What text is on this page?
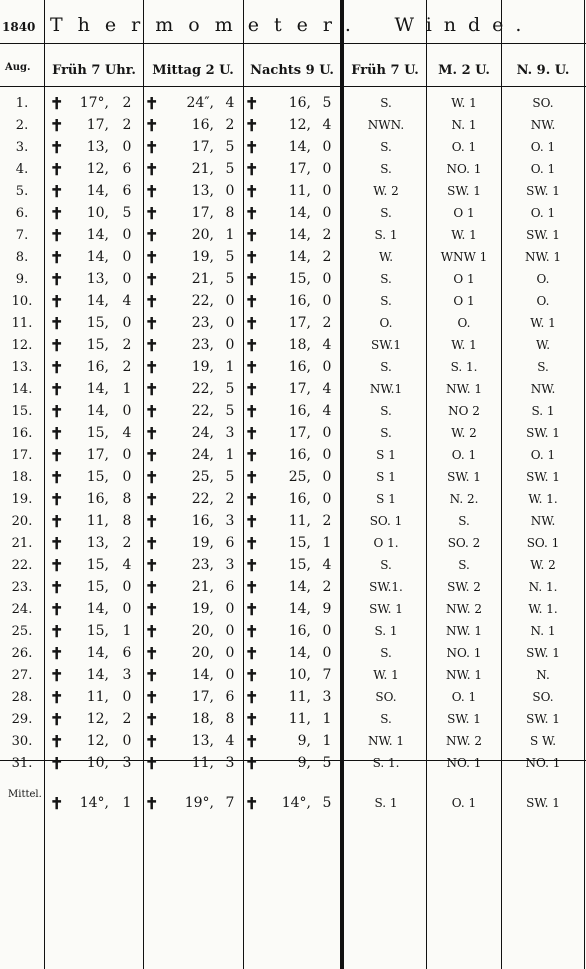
1840
Aug.
Thermometer.	Winde.
Früh 7 Uhr.	Mittag 2 U.	Nachts 9 U.	Früh 7 U.	M. 2 U.	N. 9. U.
1.	✝	17°, 2 ✝	24″, 4 ✝	16, 5	S.	W. 1	SO.
2.	✝	17, 2 ✝	16, 2 ✝	12, 4	NWN.	N. 1	NW.
3.	✝	13, 0 ✝	17, 5 ✝	14, 0	S.	O. 1	O. 1
4.	✝	12, 6 ✝	21, 5 ✝	17, 0	S.	NO. 1	O. 1
5.	✝	14, 6 ✝	13, 0 ✝	11, 0	W. 2	SW. 1	SW. 1
6.	✝	10, 5 ✝	17, 8 ✝	14, 0	S.	O 1	O. 1
7.	✝	14, 0 ✝	20, 1 ✝	14, 2	S. 1	W. 1	SW. 1
8.	✝	14, 0 ✝	19, 5 ✝	14, 2	W.	WNW 1	NW. 1
9.	✝	13, 0 ✝	21, 5 ✝	15, 0	S.	O 1	O.
10.	✝	14, 4 ✝	22, 0 ✝	16, 0	S.	O 1	O.
11.	✝	15, 0 ✝	23, 0 ✝	17, 2	O.	O.	W. 1
12.	✝	15, 2 ✝	23, 0 ✝	18, 4	SW.1	W. 1	W.
13.	✝	16, 2 ✝	19, 1 ✝	16, 0	S.	S. 1.	S.
14.	✝	14, 1 ✝	22, 5 ✝	17, 4	NW.1	NW. 1	NW.
15.	✝	14, 0 ✝	22, 5 ✝	16, 4	S.	NO 2	S. 1
16.	✝	15, 4 ✝	24, 3 ✝	17, 0	S.	W. 2	SW. 1
17.	✝	17, 0 ✝	24, 1 ✝	16, 0	S 1	O. 1	O. 1
18.	✝	15, 0 ✝	25, 5 ✝	25, 0	S 1	SW. 1	SW. 1
19.	✝	16, 8 ✝	22, 2 ✝	16, 0	S 1	N. 2.	W. 1.
20.	✝	11, 8 ✝	16, 3 ✝	11, 2	SO. 1	S.	NW.
21.	✝	13, 2 ✝	19, 6 ✝	15, 1	O 1.	SO. 2	SO. 1
22.	✝	15, 4 ✝	23, 3 ✝	15, 4	S.	S.	W. 2
23.	✝	15, 0 ✝	21, 6 ✝	14, 2	SW.1.	SW. 2	N. 1.
24.	✝	14, 0 ✝	19, 0 ✝	14, 9	SW. 1	NW. 2	W. 1.
25.	✝	15, 1 ✝	20, 0 ✝	16, 0	S. 1	NW. 1	N. 1
26.	✝	14, 6 ✝	20, 0 ✝	14, 0	S.	NO. 1	SW. 1
27.	✝	14, 3 ✝	14, 0 ✝	10, 7	W. 1	NW. 1	N.
28.	✝	11, 0 ✝	17, 6 ✝	11, 3	SO.	O. 1	SO.
29.	✝	12, 2 ✝	18, 8 ✝	11, 1	S.	SW. 1	SW. 1
30.	✝	12, 0 ✝	13, 4 ✝	9, 1	NW. 1	NW. 2	S W.
31.	✝	10, 3 ✝	11, 3 ✝	9, 5	S. 1.	NO. 1	NO. 1
Mittel. ✝	14°, 1 ✝	19°, 7 ✝	14°, 5	S. 1	O. 1	SW. 1
